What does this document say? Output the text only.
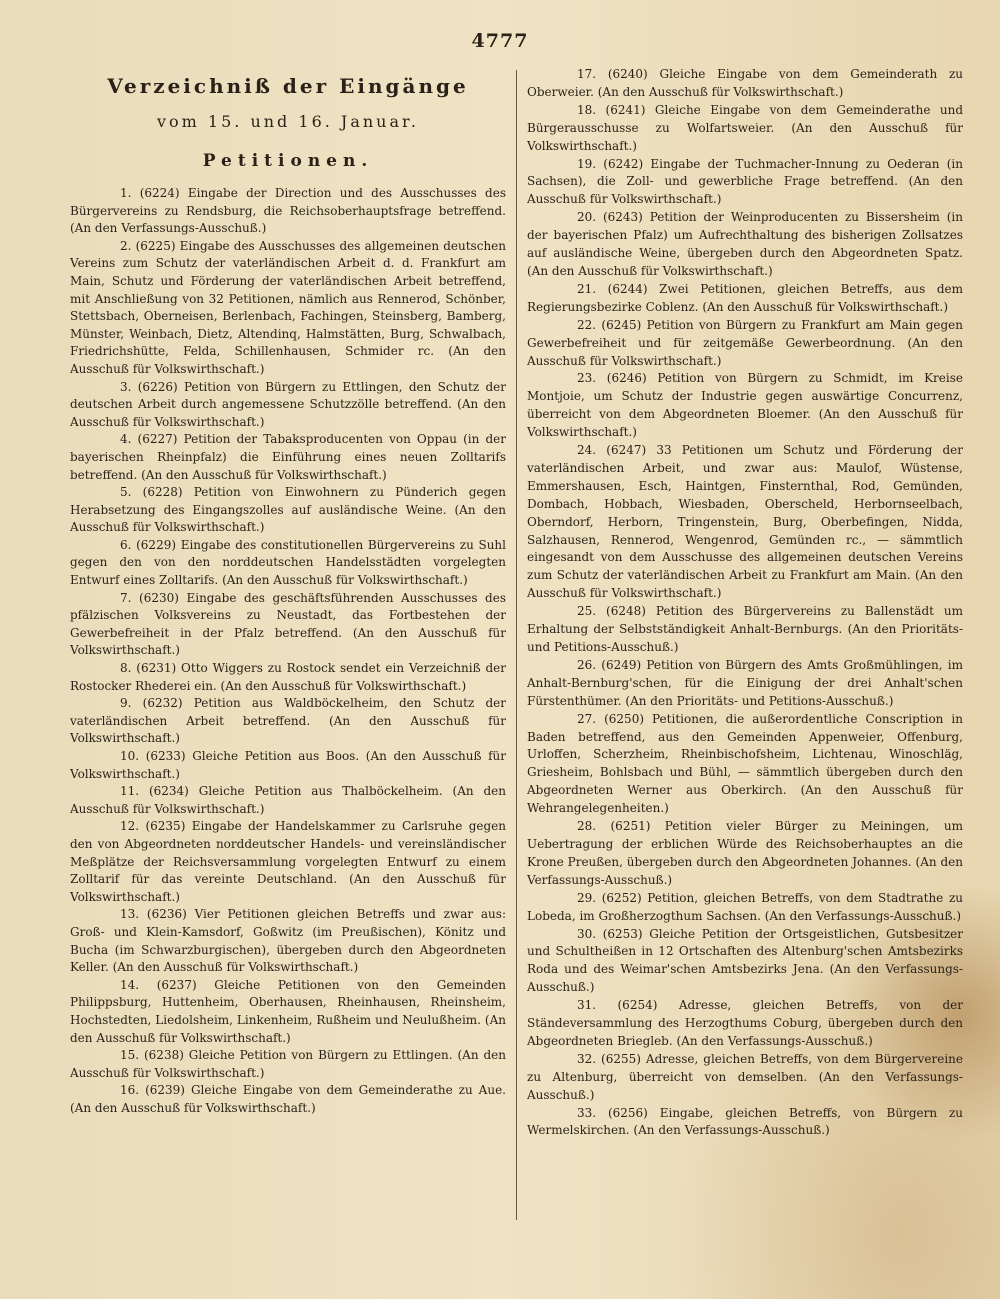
4777
Verzeichniß der Eingänge
vom 15. und 16. Januar.
Petitionen.

1. (6224) Eingabe der Direction und des Ausschusses des Bürgervereins zu Rendsburg, die Reichsoberhauptsfrage betreffend. (An den Verfassungs-Ausschuß.)

2. (6225) Eingabe des Ausschusses des allgemeinen deutschen Vereins zum Schutz der vaterländischen Arbeit d. d. Frankfurt am Main, Schutz und Förderung der vaterländischen Arbeit betreffend, mit Anschließung von 32 Petitionen, nämlich aus Rennerod, Schönber, Stettsbach, Oberneisen, Berlenbach, Fachingen, Steinsberg, Bamberg, Münster, Weinbach, Dietz, Altendinq, Halmstätten, Burg, Schwalbach, Friedrichshütte, Felda, Schillenhausen, Schmider rc. (An den Ausschuß für Volkswirthschaft.)

3. (6226) Petition von Bürgern zu Ettlingen, den Schutz der deutschen Arbeit durch angemessene Schutzzölle betreffend. (An den Ausschuß für Volkswirthschaft.)

4. (6227) Petition der Tabaksproducenten von Oppau (in der bayerischen Rheinpfalz) die Einführung eines neuen Zolltarifs betreffend. (An den Ausschuß für Volkswirthschaft.)

5. (6228) Petition von Einwohnern zu Pünderich gegen Herabsetzung des Eingangszolles auf ausländische Weine. (An den Ausschuß für Volkswirthschaft.)

6. (6229) Eingabe des constitutionellen Bürgervereins zu Suhl gegen den von den norddeutschen Handelsstädten vorgelegten Entwurf eines Zolltarifs. (An den Ausschuß für Volkswirthschaft.)

7. (6230) Eingabe des geschäftsführenden Ausschusses des pfälzischen Volksvereins zu Neustadt, das Fortbestehen der Gewerbefreiheit in der Pfalz betreffend. (An den Ausschuß für Volkswirthschaft.)

8. (6231) Otto Wiggers zu Rostock sendet ein Verzeichniß der Rostocker Rhederei ein. (An den Ausschuß für Volkswirthschaft.)

9. (6232) Petition aus Waldböckelheim, den Schutz der vaterländischen Arbeit betreffend. (An den Ausschuß für Volkswirthschaft.)

10. (6233) Gleiche Petition aus Boos. (An den Ausschuß für Volkswirthschaft.)

11. (6234) Gleiche Petition aus Thalböckelheim. (An den Ausschuß für Volkswirthschaft.)

12. (6235) Eingabe der Handelskammer zu Carlsruhe gegen den von Abgeordneten norddeutscher Handels- und vereinsländischer Meßplätze der Reichsversammlung vorgelegten Entwurf zu einem Zolltarif für das vereinte Deutschland. (An den Ausschuß für Volkswirthschaft.)

13. (6236) Vier Petitionen gleichen Betreffs und zwar aus: Groß- und Klein-Kamsdorf, Goßwitz (im Preußischen), Könitz und Bucha (im Schwarzburgischen), übergeben durch den Abgeordneten Keller. (An den Ausschuß für Volkswirthschaft.)

14. (6237) Gleiche Petitionen von den Gemeinden Philippsburg, Huttenheim, Oberhausen, Rheinhausen, Rheinsheim, Hochstedten, Liedolsheim, Linkenheim, Rußheim und Neulußheim. (An den Ausschuß für Volkswirthschaft.)

15. (6238) Gleiche Petition von Bürgern zu Ettlingen. (An den Ausschuß für Volkswirthschaft.)

16. (6239) Gleiche Eingabe von dem Gemeinderathe zu Aue. (An den Ausschuß für Volkswirthschaft.)

17. (6240) Gleiche Eingabe von dem Gemeinderath zu Oberweier. (An den Ausschuß für Volkswirthschaft.)

18. (6241) Gleiche Eingabe von dem Gemeinderathe und Bürgerausschusse zu Wolfartsweier. (An den Ausschuß für Volkswirthschaft.)

19. (6242) Eingabe der Tuchmacher-Innung zu Oederan (in Sachsen), die Zoll- und gewerbliche Frage betreffend. (An den Ausschuß für Volkswirthschaft.)

20. (6243) Petition der Weinproducenten zu Bissersheim (in der bayerischen Pfalz) um Aufrechthaltung des bisherigen Zollsatzes auf ausländische Weine, übergeben durch den Abgeordneten Spatz. (An den Ausschuß für Volkswirthschaft.)

21. (6244) Zwei Petitionen, gleichen Betreffs, aus dem Regierungsbezirke Coblenz. (An den Ausschuß für Volkswirthschaft.)

22. (6245) Petition von Bürgern zu Frankfurt am Main gegen Gewerbefreiheit und für zeitgemäße Gewerbeordnung. (An den Ausschuß für Volkswirthschaft.)

23. (6246) Petition von Bürgern zu Schmidt, im Kreise Montjoie, um Schutz der Industrie gegen auswärtige Concurrenz, überreicht von dem Abgeordneten Bloemer. (An den Ausschuß für Volkswirthschaft.)

24. (6247) 33 Petitionen um Schutz und Förderung der vaterländischen Arbeit, und zwar aus: Maulof, Wüstense, Emmershausen, Esch, Haintgen, Finsternthal, Rod, Gemünden, Dombach, Hobbach, Wiesbaden, Oberscheld, Herbornseelbach, Oberndorf, Herborn, Tringenstein, Burg, Oberbefingen, Nidda, Salzhausen, Rennerod, Wengenrod, Gemünden rc., — sämmtlich eingesandt von dem Ausschusse des allgemeinen deutschen Vereins zum Schutz der vaterländischen Arbeit zu Frankfurt am Main. (An den Ausschuß für Volkswirthschaft.)

25. (6248) Petition des Bürgervereins zu Ballenstädt um Erhaltung der Selbstständigkeit Anhalt-Bernburgs. (An den Prioritäts- und Petitions-Ausschuß.)

26. (6249) Petition von Bürgern des Amts Großmühlingen, im Anhalt-Bernburg'schen, für die Einigung der drei Anhalt'schen Fürstenthümer. (An den Prioritäts- und Petitions-Ausschuß.)

27. (6250) Petitionen, die außerordentliche Conscription in Baden betreffend, aus den Gemeinden Appenweier, Offenburg, Urloffen, Scherzheim, Rheinbischofsheim, Lichtenau, Winoschläg, Griesheim, Bohlsbach und Bühl, — sämmtlich übergeben durch den Abgeordneten Werner aus Oberkirch. (An den Ausschuß für Wehrangelegenheiten.)

28. (6251) Petition vieler Bürger zu Meiningen, um Uebertragung der erblichen Würde des Reichsoberhauptes an die Krone Preußen, übergeben durch den Abgeordneten Johannes. (An den Verfassungs-Ausschuß.)

29. (6252) Petition, gleichen Betreffs, von dem Stadtrathe zu Lobeda, im Großherzogthum Sachsen. (An den Verfassungs-Ausschuß.)

30. (6253) Gleiche Petition der Ortsgeistlichen, Gutsbesitzer und Schultheißen in 12 Ortschaften des Altenburg'schen Amtsbezirks Roda und des Weimar'schen Amtsbezirks Jena. (An den Verfassungs-Ausschuß.)

31. (6254) Adresse, gleichen Betreffs, von der Ständeversammlung des Herzogthums Coburg, übergeben durch den Abgeordneten Briegleb. (An den Verfassungs-Ausschuß.)

32. (6255) Adresse, gleichen Betreffs, von dem Bürgervereine zu Altenburg, überreicht von demselben. (An den Verfassungs-Ausschuß.)

33. (6256) Eingabe, gleichen Betreffs, von Bürgern zu Wermelskirchen. (An den Verfassungs-Ausschuß.)
